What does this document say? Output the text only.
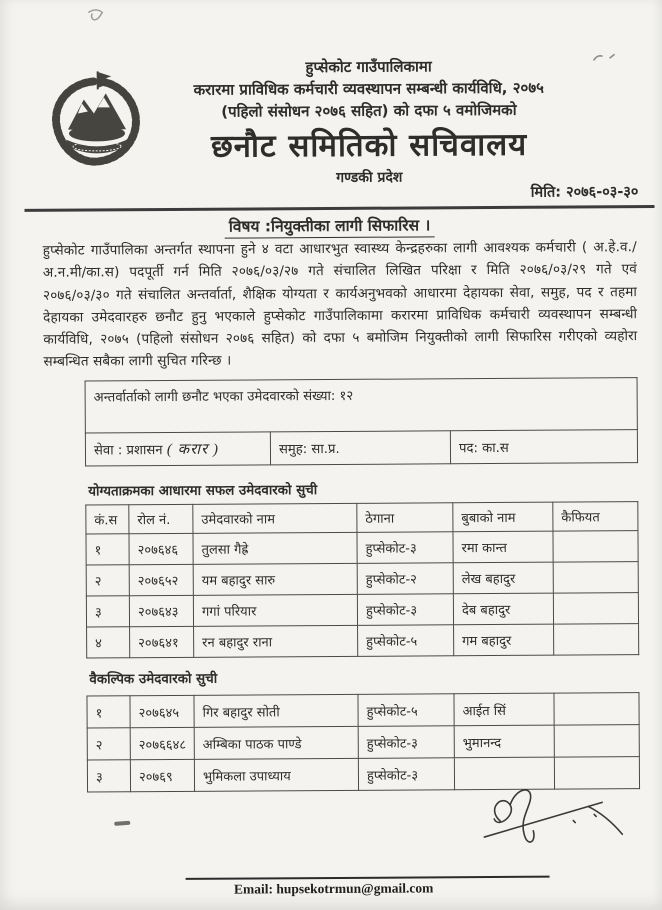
हुप्सेकोट गाउँपालिकामा
करारमा प्राविधिक कर्मचारी व्यवस्थापन सम्बन्धी कार्यविधि, २०७५
(पहिलो संसोधन २०७६ सहित) को दफा ५ वमोजिमको
छनौट समितिको सचिवालय
गण्डकी प्रदेश
मिति: २०७६-०३-३०
विषय :नियुक्तीका लागी सिफारिस ।
हुप्सेकोट गाउँपालिका अन्तर्गत स्थापना हुने ४ वटा आधारभुत स्वास्थ्य केन्द्रहरुका लागी आवश्यक कर्मचारी ( अ.हे.व./अ.न.मी/का.स) पदपूर्ती गर्न मिति २०७६/०३/२७ गते संचालित लिखित परिक्षा र मिति २०७६/०३/२९ गते एवं २०७६/०३/३० गते संचालित अन्तर्वार्ता, शैक्षिक योग्यता र कार्यअनुभवको आधारमा देहायका सेवा, समुह, पद र तहमा देहायका उमेदवारहरु छनौट हुनु भएकाले हुप्सेकोट गाउँपालिकामा करारमा प्राविधिक कर्मचारी व्यवस्थापन सम्बन्धी कार्यविधि, २०७५ (पहिलो संसोधन २०७६ सहित) को दफा ५ बमोजिम नियुक्तीको लागी सिफारिस गरीएको व्यहोरा सम्बन्धित सबैका लागी सुचित गरिन्छ ।
अन्तर्वार्ताको लागी छनौट भएका उमेदवारको संख्या: १२
सेवा : प्रशासन ( करार )	समुह: सा.प्र.	पद: का.स
योग्यताक्रमका आधारमा सफल उमेदवारको सुची
कं.स	रोल नं.	उमेदवारको नाम	ठेगाना	बुबाको नाम	कैफियत
१	२०७६४६	तुलसा गैह्रे	हुप्सेकोट-३	रमा कान्त	
२	२०७६५२	यम बहादुर सारु	हुप्सेकोट-२	लेख बहादुर	
३	२०७६४३	गगां परियार	हुप्सेकोट-३	देब बहादुर	
४	२०७६४१	रन बहादुर राना	हुप्सेकोट-५	गम बहादुर	
वैकल्पिक उमेदवारको सुची
१	२०७६४५	गिर बहादुर सोती	हुप्सेकोट-५	आईत सिं	
२	२०७६६४८	अम्बिका पाठक पाण्डे	हुप्सेकोट-३	भुमानन्द	
३	२०७६९	भुमिकला उपाध्याय	हुप्सेकोट-३		
Email: hupsekotrmun@gmail.com
